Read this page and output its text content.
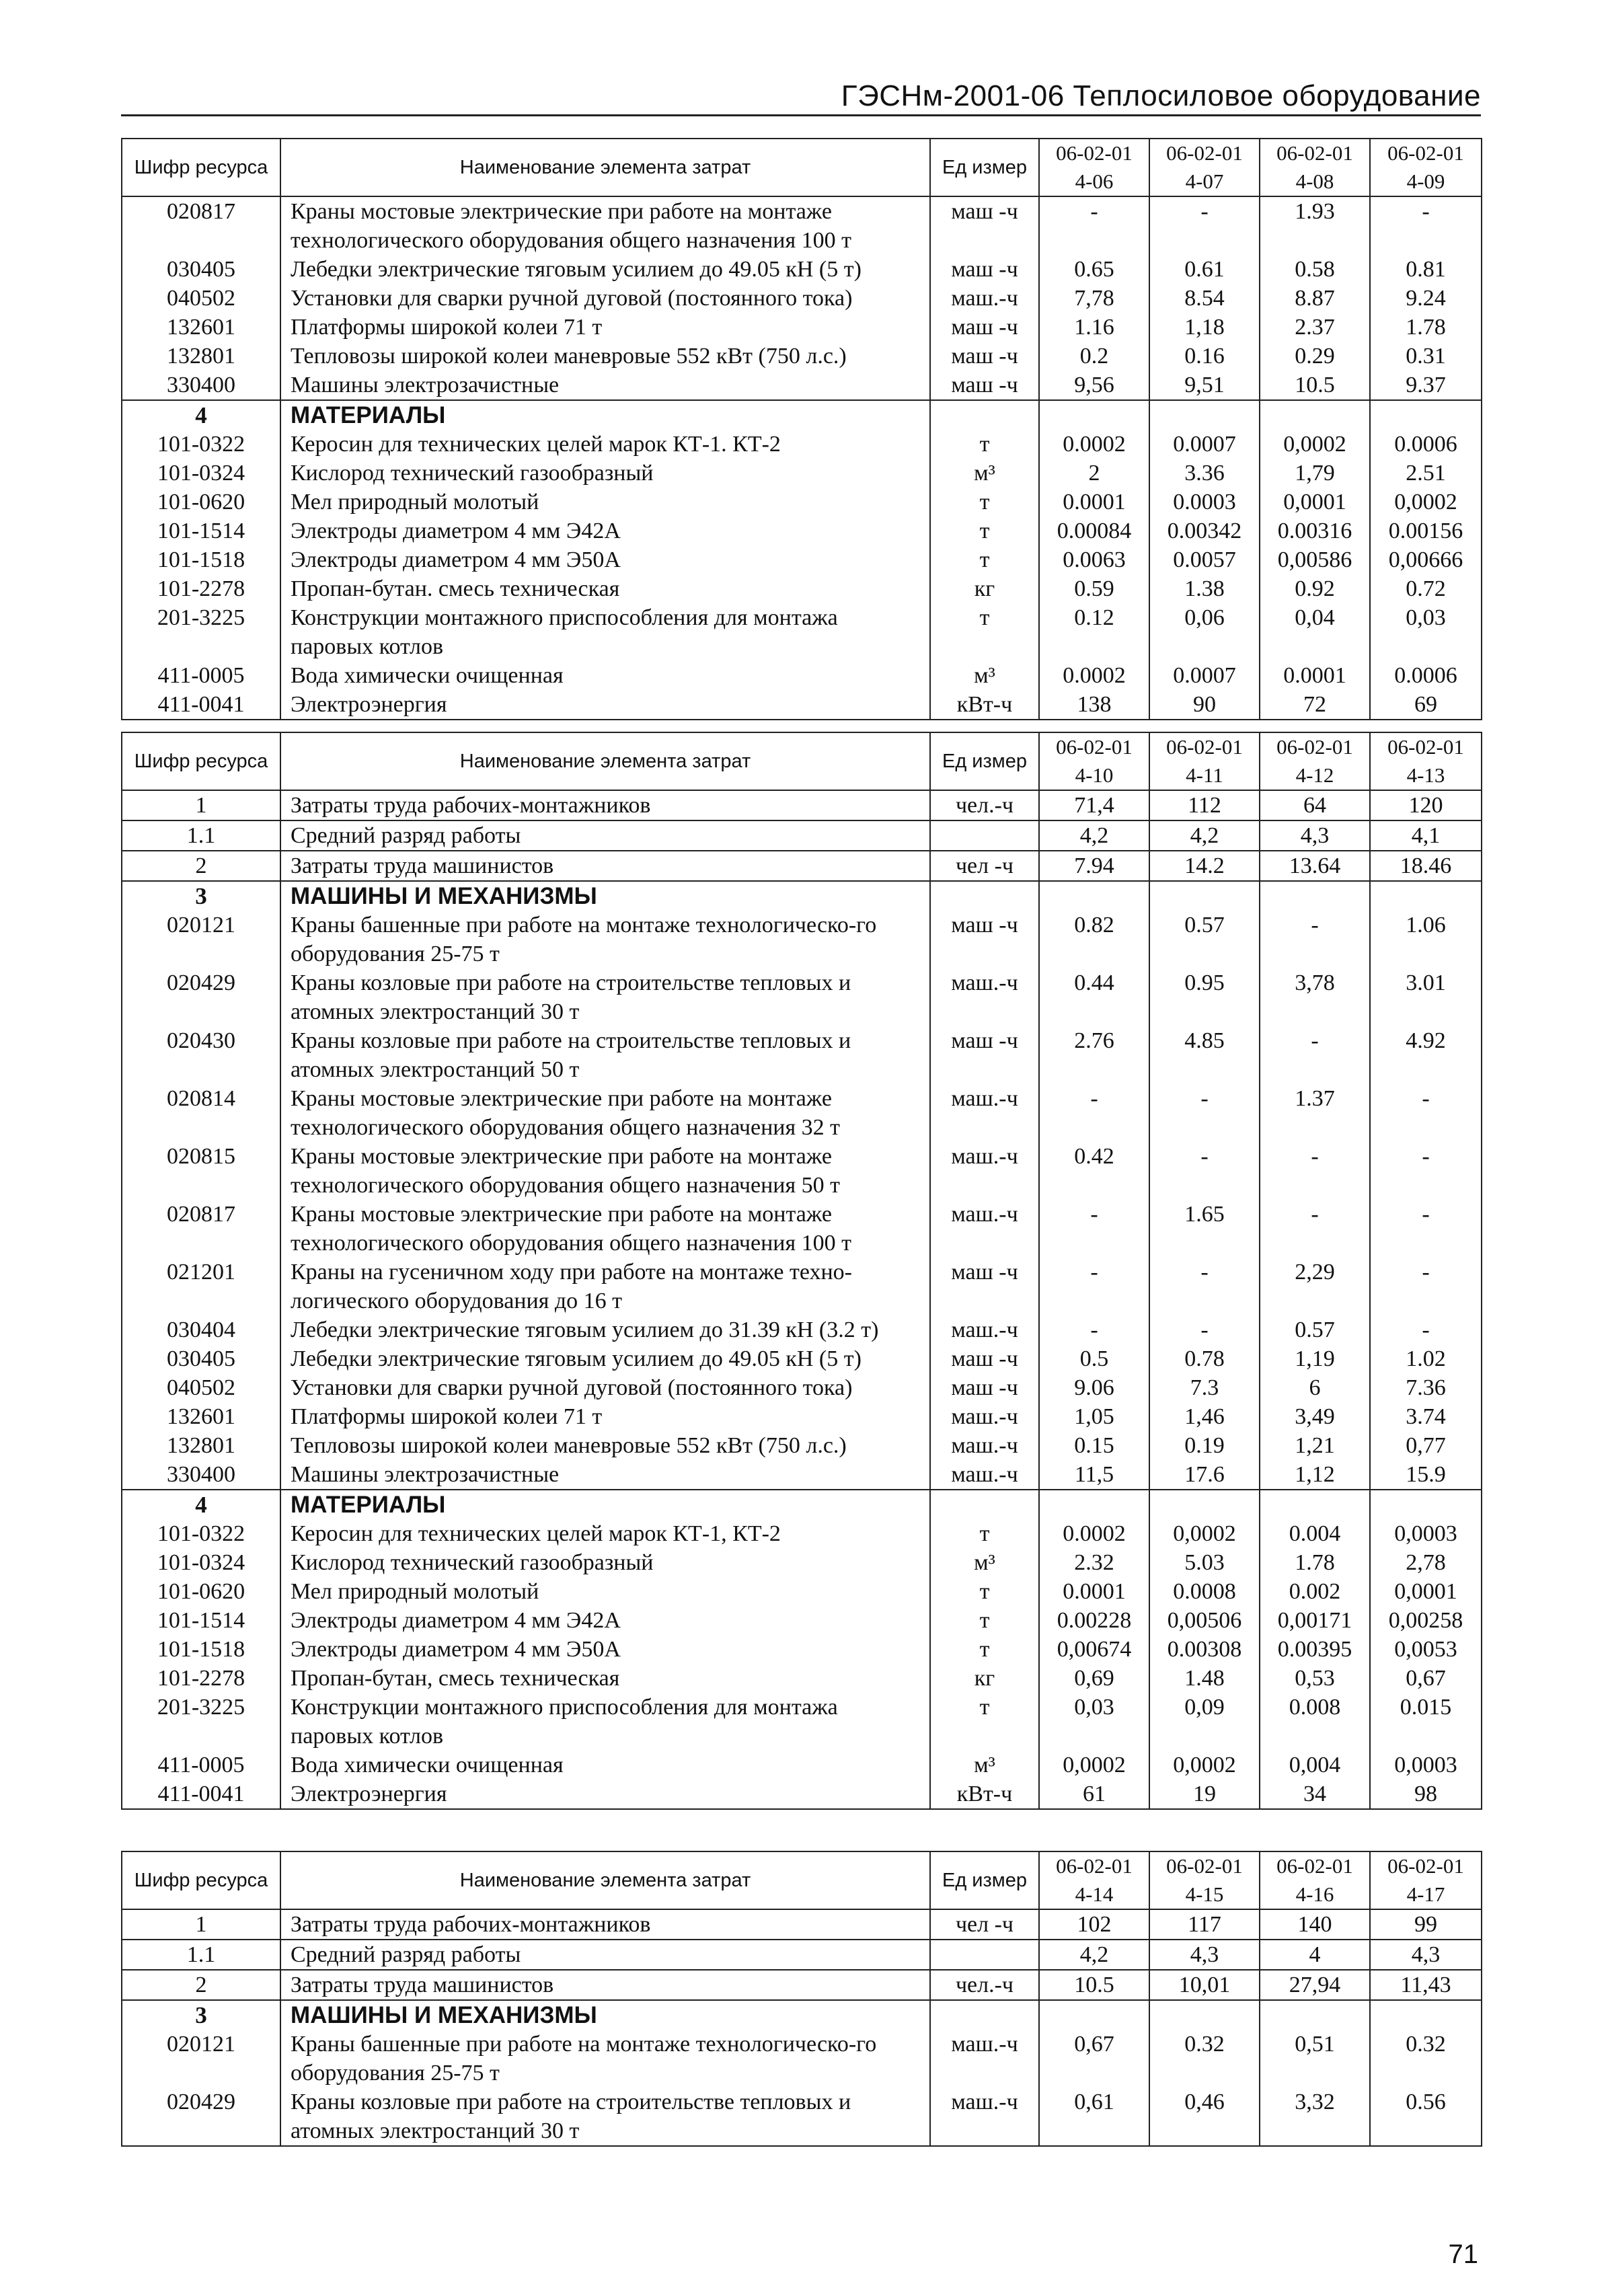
ГЭСНм-2001-06 Теплосиловое оборудование
Шифр ресурса	Наименование элемента затрат	Ед измер	06-02-014-06	06-02-014-07	06-02-014-08	06-02-014-09

020817	Краны мостовые электрические при работе на монтаже технологического оборудования общего назначения 100 т	маш -ч	-	-	1.93	-

030405	Лебедки электрические тяговым усилием до 49.05 кН (5 т)	маш -ч	0.65	0.61	0.58	0.81

040502	Установки для сварки ручной дуговой (постоянного тока)	маш.-ч	7,78	8.54	8.87	9.24

132601	Платформы широкой колеи 71 т	маш -ч	1.16	1,18	2.37	1.78

132801	Тепловозы широкой колеи маневровые 552 кВт (750 л.с.)	маш -ч	0.2	0.16	0.29	0.31

330400	Машины электрозачистные	маш -ч	9,56	9,51	10.5	9.37

4	МАТЕРИАЛЫ					

101-0322	Керосин для технических целей марок КТ-1. КТ-2	т	0.0002	0.0007	0,0002	0.0006

101-0324	Кислород технический газообразный	м³	2	3.36	1,79	2.51

101-0620	Мел природный молотый	т	0.0001	0.0003	0,0001	0,0002

101-1514	Электроды диаметром 4 мм Э42А	т	0.00084	0.00342	0.00316	0.00156

101-1518	Электроды диаметром 4 мм Э50А	т	0.0063	0.0057	0,00586	0,00666

101-2278	Пропан-бутан. смесь техническая	кг	0.59	1.38	0.92	0.72

201-3225	Конструкции монтажного приспособления для монтажа паровых котлов	т	0.12	0,06	0,04	0,03

411-0005	Вода химически очищенная	м³	0.0002	0.0007	0.0001	0.0006

411-0041	Электроэнергия	кВт-ч	138	90	72	69
Шифр ресурса	Наименование элемента затрат	Ед измер	06-02-014-10	06-02-014-11	06-02-014-12	06-02-014-13

1	Затраты труда рабочих-монтажников	чел.-ч	71,4	112	64	120

1.1	Средний разряд работы		4,2	4,2	4,3	4,1

2	Затраты труда машинистов	чел -ч	7.94	14.2	13.64	18.46

3	МАШИНЫ И МЕХАНИЗМЫ					

020121	Краны башенные при работе на монтаже технологическо-го оборудования 25-75 т	маш -ч	0.82	0.57	-	1.06

020429	Краны козловые при работе на строительстве тепловых и атомных электростанций 30 т	маш.-ч	0.44	0.95	3,78	3.01

020430	Краны козловые при работе на строительстве тепловых и атомных электростанций 50 т	маш -ч	2.76	4.85	-	4.92

020814	Краны мостовые электрические при работе на монтаже технологического оборудования общего назначения 32 т	маш.-ч	-	-	1.37	-

020815	Краны мостовые электрические при работе на монтаже технологического оборудования общего назначения 50 т	маш.-ч	0.42	-	-	-

020817	Краны мостовые электрические при работе на монтаже технологического оборудования общего назначения 100 т	маш.-ч	-	1.65	-	-

021201	Краны на гусеничном ходу при работе на монтаже техно-логического оборудования до 16 т	маш -ч	-	-	2,29	-

030404	Лебедки электрические тяговым усилием до 31.39 кН (3.2 т)	маш.-ч	-	-	0.57	-

030405	Лебедки электрические тяговым усилием до 49.05 кН (5 т)	маш -ч	0.5	0.78	1,19	1.02

040502	Установки для сварки ручной дуговой (постоянного тока)	маш -ч	9.06	7.3	6	7.36

132601	Платформы широкой колеи 71 т	маш.-ч	1,05	1,46	3,49	3.74

132801	Тепловозы широкой колеи маневровые 552 кВт (750 л.с.)	маш.-ч	0.15	0.19	1,21	0,77

330400	Машины электрозачистные	маш.-ч	11,5	17.6	1,12	15.9

4	МАТЕРИАЛЫ					

101-0322	Керосин для технических целей марок КТ-1, КТ-2	т	0.0002	0,0002	0.004	0,0003

101-0324	Кислород технический газообразный	м³	2.32	5.03	1.78	2,78

101-0620	Мел природный молотый	т	0.0001	0.0008	0.002	0,0001

101-1514	Электроды диаметром 4 мм Э42А	т	0.00228	0,00506	0,00171	0,00258

101-1518	Электроды диаметром 4 мм Э50А	т	0,00674	0.00308	0.00395	0,0053

101-2278	Пропан-бутан, смесь техническая	кг	0,69	1.48	0,53	0,67

201-3225	Конструкции монтажного приспособления для монтажа паровых котлов	т	0,03	0,09	0.008	0.015

411-0005	Вода химически очищенная	м³	0,0002	0,0002	0,004	0,0003

411-0041	Электроэнергия	кВт-ч	61	19	34	98
Шифр ресурса	Наименование элемента затрат	Ед измер	06-02-014-14	06-02-014-15	06-02-014-16	06-02-014-17

1	Затраты труда рабочих-монтажников	чел -ч	102	117	140	99

1.1	Средний разряд работы		4,2	4,3	4	4,3

2	Затраты труда машинистов	чел.-ч	10.5	10,01	27,94	11,43

3	МАШИНЫ И МЕХАНИЗМЫ					

020121	Краны башенные при работе на монтаже технологическо-го оборудования 25-75 т	маш.-ч	0,67	0.32	0,51	0.32

020429	Краны козловые при работе на строительстве тепловых и атомных электростанций 30 т	маш.-ч	0,61	0,46	3,32	0.56
71
